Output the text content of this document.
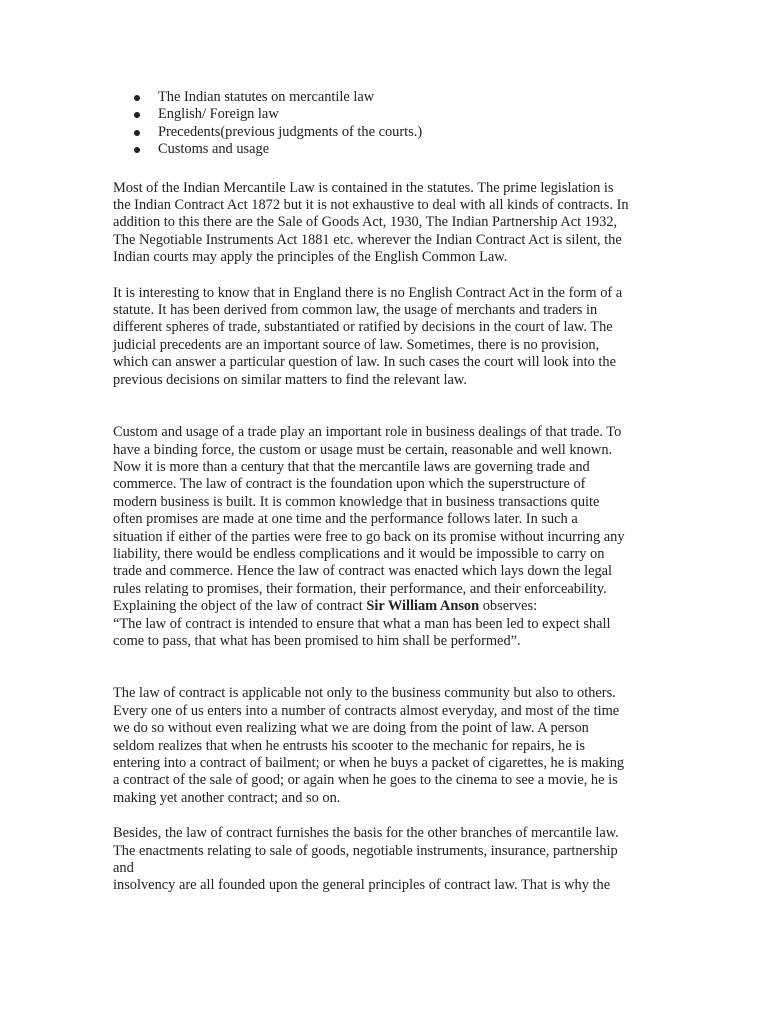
The Indian statutes on mercantile law
English/ Foreign law
Precedents(previous judgments of the courts.)
Customs and usage
Most of the Indian Mercantile Law is contained in the statutes. The prime legislation is
the Indian Contract Act 1872 but it is not exhaustive to deal with all kinds of contracts. In
addition to this there are the Sale of Goods Act, 1930, The Indian Partnership Act 1932,
The Negotiable Instruments Act 1881 etc. wherever the Indian Contract Act is silent, the
Indian courts may apply the principles of the English Common Law.
It is interesting to know that in England there is no English Contract Act in the form of a
statute. It has been derived from common law, the usage of merchants and traders in
different spheres of trade, substantiated or ratified by decisions in the court of law. The
judicial precedents are an important source of law. Sometimes, there is no provision,
which can answer a particular question of law. In such cases the court will look into the
previous decisions on similar matters to find the relevant law.
Custom and usage of a trade play an important role in business dealings of that trade. To
have a binding force, the custom or usage must be certain, reasonable and well known.
Now it is more than a century that that the mercantile laws are governing trade and
commerce. The law of contract is the foundation upon which the superstructure of
modern business is built. It is common knowledge that in business transactions quite
often promises are made at one time and the performance follows later. In such a
situation if either of the parties were free to go back on its promise without incurring any
liability, there would be endless complications and it would be impossible to carry on
trade and commerce. Hence the law of contract was enacted which lays down the legal
rules relating to promises, their formation, their performance, and their enforceability.
Explaining the object of the law of contract Sir William Anson observes:
“The law of contract is intended to ensure that what a man has been led to expect shall
come to pass, that what has been promised to him shall be performed”.
The law of contract is applicable not only to the business community but also to others.
Every one of us enters into a number of contracts almost everyday, and most of the time
we do so without even realizing what we are doing from the point of law. A person
seldom realizes that when he entrusts his scooter to the mechanic for repairs, he is
entering into a contract of bailment; or when he buys a packet of cigarettes, he is making
a contract of the sale of good; or again when he goes to the cinema to see a movie, he is
making yet another contract; and so on.
Besides, the law of contract furnishes the basis for the other branches of mercantile law.
The enactments relating to sale of goods, negotiable instruments, insurance, partnership
and
insolvency are all founded upon the general principles of contract law. That is why the
